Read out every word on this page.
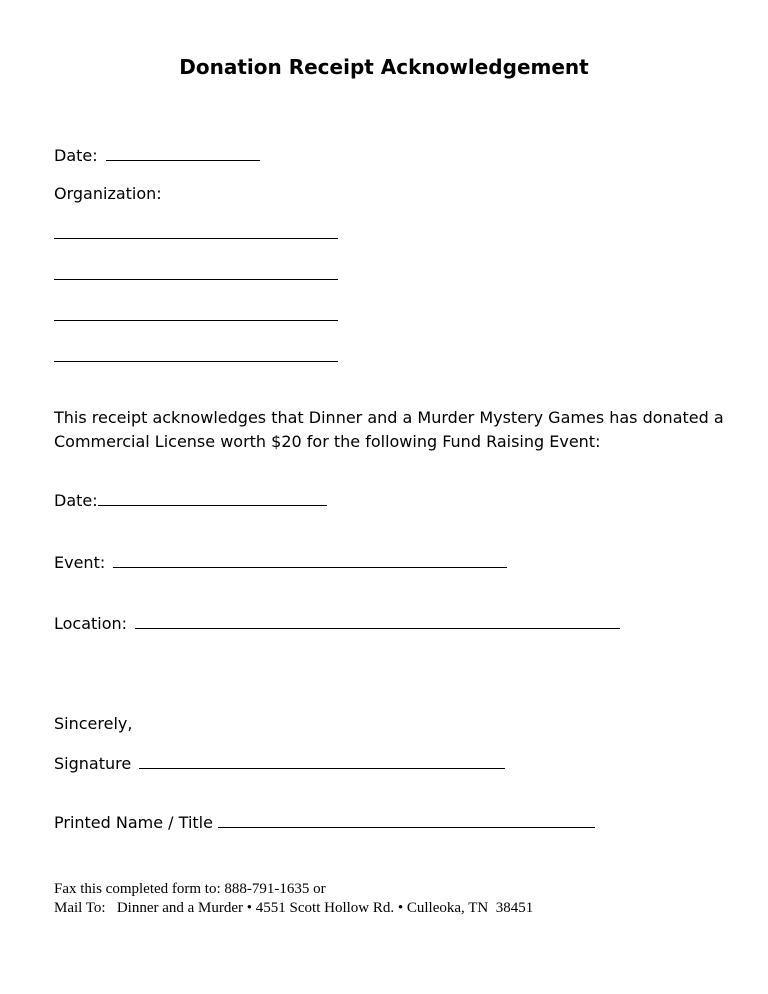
Donation Receipt Acknowledgement
Date:
Organization:
This receipt acknowledges that Dinner and a Murder Mystery Games has donated a Commercial License worth $20 for the following Fund Raising Event:
Date:
Event:
Location:
Sincerely,
Signature
Printed Name / Title
Fax this completed form to: 888-791-1635 or
Mail To:   Dinner and a Murder • 4551 Scott Hollow Rd. • Culleoka, TN  38451
